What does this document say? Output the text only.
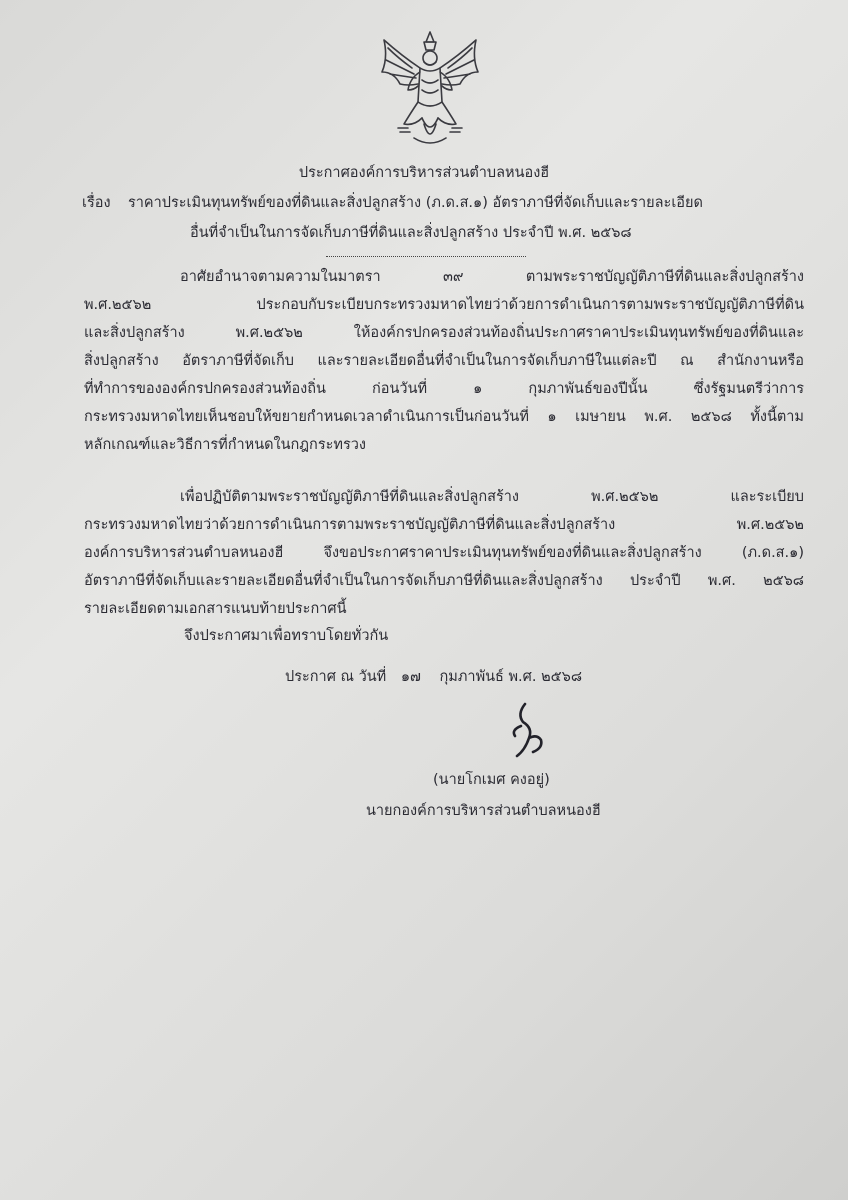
ประกาศองค์การบริหารส่วนตำบลหนองฮี
เรื่อง ราคาประเมินทุนทรัพย์ของที่ดินและสิ่งปลูกสร้าง (ภ.ด.ส.๑) อัตราภาษีที่จัดเก็บและรายละเอียด
อื่นที่จำเป็นในการจัดเก็บภาษีที่ดินและสิ่งปลูกสร้าง ประจำปี พ.ศ. ๒๕๖๘
อาศัยอำนาจตามความในมาตรา ๓๙ ตามพระราชบัญญัติภาษีที่ดินและสิ่งปลูกสร้าง
พ.ศ.๒๕๖๒ ประกอบกับระเบียบกระทรวงมหาดไทยว่าด้วยการดำเนินการตามพระราชบัญญัติภาษีที่ดิน
และสิ่งปลูกสร้าง พ.ศ.๒๕๖๒ ให้องค์กรปกครองส่วนท้องถิ่นประกาศราคาประเมินทุนทรัพย์ของที่ดินและ
สิ่งปลูกสร้าง อัตราภาษีที่จัดเก็บ และรายละเอียดอื่นที่จำเป็นในการจัดเก็บภาษีในแต่ละปี ณ สำนักงานหรือ
ที่ทำการขององค์กรปกครองส่วนท้องถิ่น ก่อนวันที่ ๑ กุมภาพันธ์ของปีนั้น ซึ่งรัฐมนตรีว่าการ
กระทรวงมหาดไทยเห็นชอบให้ขยายกำหนดเวลาดำเนินการเป็นก่อนวันที่ ๑ เมษายน พ.ศ. ๒๕๖๘ ทั้งนี้ตาม
หลักเกณฑ์และวิธีการที่กำหนดในกฎกระทรวง
เพื่อปฏิบัติตามพระราชบัญญัติภาษีที่ดินและสิ่งปลูกสร้าง พ.ศ.๒๕๖๒ และระเบียบ
กระทรวงมหาดไทยว่าด้วยการดำเนินการตามพระราชบัญญัติภาษีที่ดินและสิ่งปลูกสร้าง พ.ศ.๒๕๖๒
องค์การบริหารส่วนตำบลหนองฮี จึงขอประกาศราคาประเมินทุนทรัพย์ของที่ดินและสิ่งปลูกสร้าง (ภ.ด.ส.๑)
อัตราภาษีที่จัดเก็บและรายละเอียดอื่นที่จำเป็นในการจัดเก็บภาษีที่ดินและสิ่งปลูกสร้าง ประจำปี พ.ศ. ๒๕๖๘
รายละเอียดตามเอกสารแนบท้ายประกาศนี้
จึงประกาศมาเพื่อทราบโดยทั่วกัน
ประกาศ ณ วันที่ ๑๗ กุมภาพันธ์ พ.ศ. ๒๕๖๘
(นายโกเมศ คงอยู่)
นายกองค์การบริหารส่วนตำบลหนองฮี
